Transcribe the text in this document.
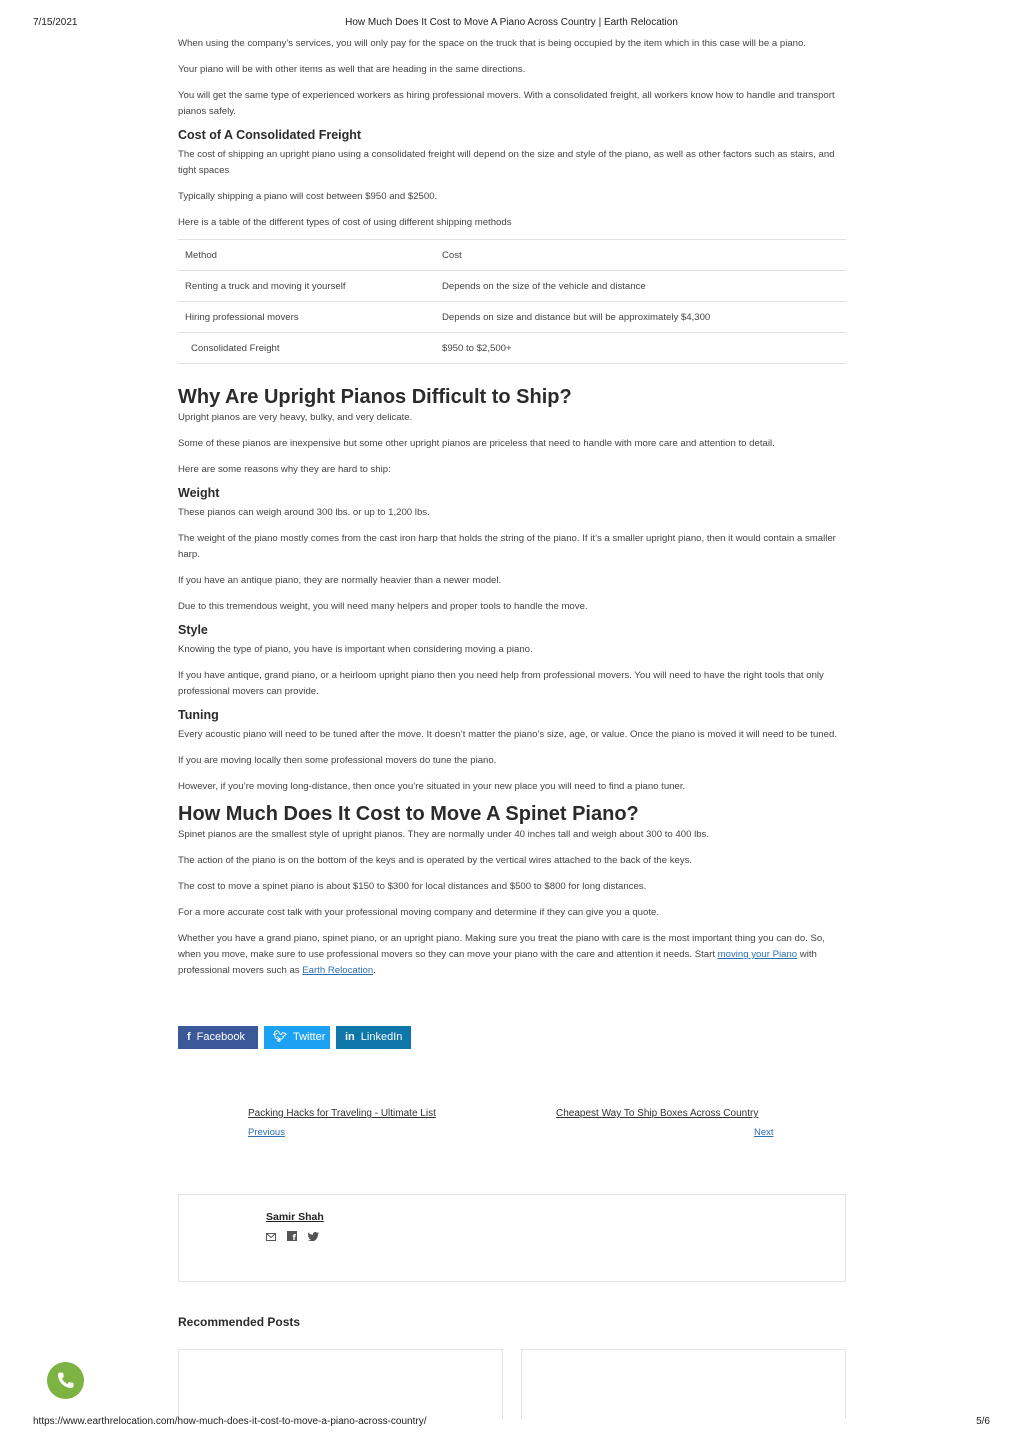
7/15/2021	How Much Does It Cost to Move A Piano Across Country | Earth Relocation

When using the company’s services, you will only pay for the space on the truck that is being occupied by the item which in this case will be a piano.

Your piano will be with other items as well that are heading in the same directions.

You will get the same type of experienced workers as hiring professional movers. With a consolidated freight, all workers know how to handle and transport pianos safely.

Cost of A Consolidated Freight

The cost of shipping an upright piano using a consolidated freight will depend on the size and style of the piano, as well as other factors such as stairs, and tight spaces

Typically shipping a piano will cost between $950 and $2500.

Here is a table of the different types of cost of using different shipping methods

Method	Cost
Renting a truck and moving it yourself	Depends on the size of the vehicle and distance
Hiring professional movers	Depends on size and distance but will be approximately $4,300
Consolidated Freight	$950 to $2,500+
Why Are Upright Pianos Difficult to Ship?

Upright pianos are very heavy, bulky, and very delicate.

Some of these pianos are inexpensive but some other upright pianos are priceless that need to handle with more care and attention to detail.

Here are some reasons why they are hard to ship:

Weight

These pianos can weigh around 300 lbs. or up to 1,200 lbs.

The weight of the piano mostly comes from the cast iron harp that holds the string of the piano. If it’s a smaller upright piano, then it would contain a smaller harp.

If you have an antique piano, they are normally heavier than a newer model.

Due to this tremendous weight, you will need many helpers and proper tools to handle the move.

Style

Knowing the type of piano, you have is important when considering moving a piano.

If you have antique, grand piano, or a heirloom upright piano then you need help from professional movers. You will need to have the right tools that only professional movers can provide.

Tuning

Every acoustic piano will need to be tuned after the move. It doesn’t matter the piano’s size, age, or value. Once the piano is moved it will need to be tuned.

If you are moving locally then some professional movers do tune the piano.

However, if you’re moving long-distance, then once you’re situated in your new place you will need to find a piano tuner.

How Much Does It Cost to Move A Spinet Piano?

Spinet pianos are the smallest style of upright pianos. They are normally under 40 inches tall and weigh about 300 to 400 lbs.

The action of the piano is on the bottom of the keys and is operated by the vertical wires attached to the back of the keys.

The cost to move a spinet piano is about $150 to $300 for local distances and $500 to $800 for long distances.

For a more accurate cost talk with your professional moving company and determine if they can give you a quote.

Whether you have a grand piano, spinet piano, or an upright piano. Making sure you treat the piano with care is the most important thing you can do. So, when you move, make sure to use professional movers so they can move your piano with the care and attention it needs. Start moving your Piano with professional movers such as Earth Relocation.

f Facebook	🐦︎ Twitter	in LinkedIn
Packing Hacks for Traveling - Ultimate List
Previous
Cheapest Way To Ship Boxes Across Country
Next
Samir Shah

f

Recommended Posts
https://www.earthrelocation.com/how-much-does-it-cost-to-move-a-piano-across-country/	5/6
